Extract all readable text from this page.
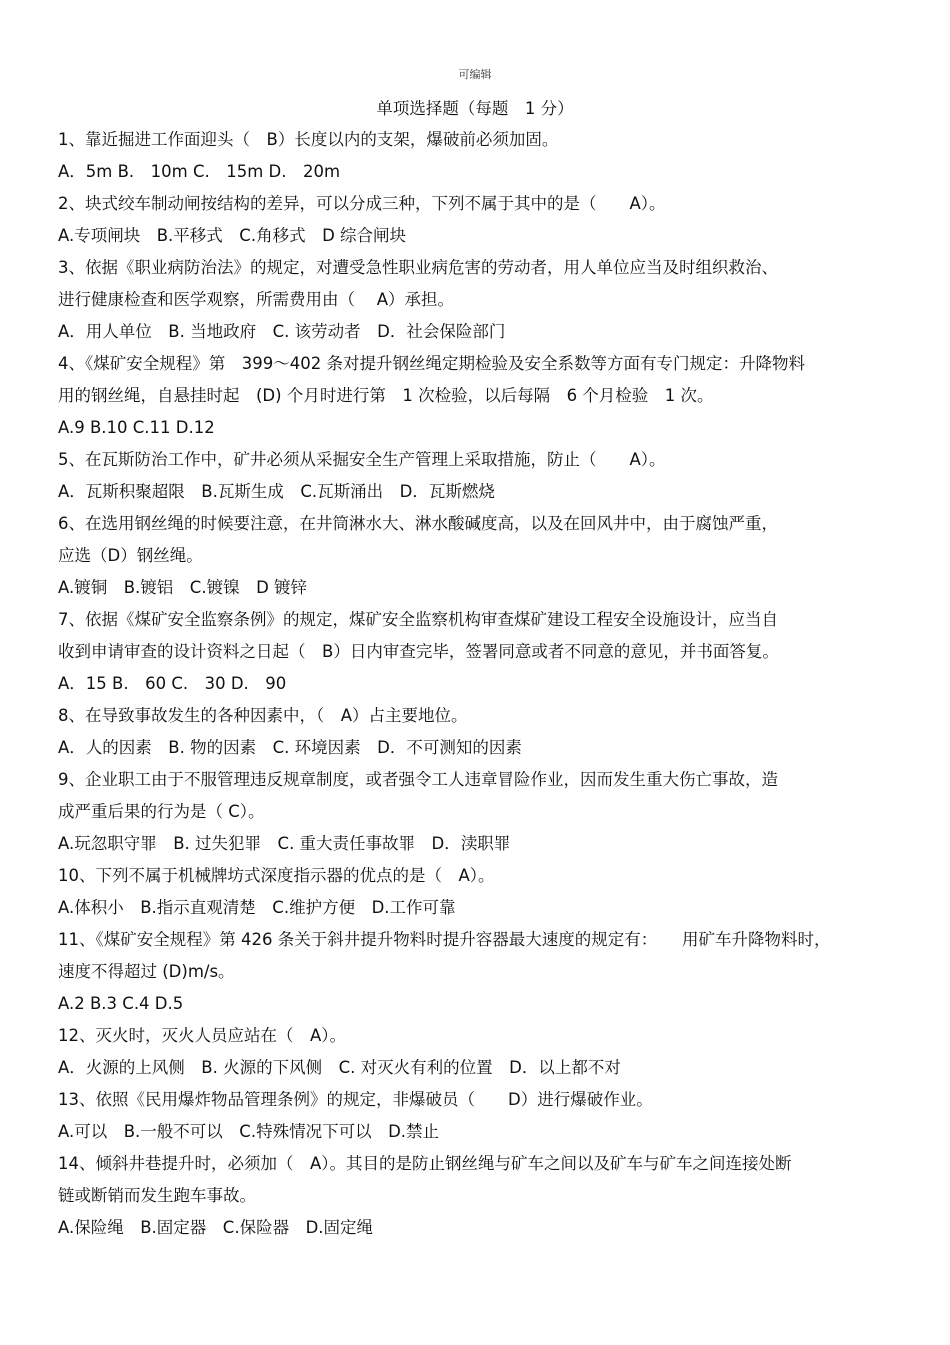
可编辑
单项选择题（每题　1 分）
1、靠近掘进工作面迎头（　B）长度以内的支架，爆破前必须加固。
A．5m B.　10m C.　15m D.　20m
2、块式绞车制动闸按结构的差异，可以分成三种，下列不属于其中的是（　　A）。
A.专项闸块　B.平移式　C.角移式　D 综合闸块
3、依据《职业病防治法》的规定，对遭受急性职业病危害的劳动者，用人单位应当及时组织救治、
进行健康检查和医学观察，所需费用由（　 A）承担。
A．用人单位　B. 当地政府　C. 该劳动者　D．社会保险部门
4、《煤矿安全规程》第　399～402 条对提升钢丝绳定期检验及安全系数等方面有专门规定：升降物料
用的钢丝绳，自悬挂时起　(D) 个月时进行第　1 次检验，以后每隔　6 个月检验　1 次。
A.9 B.10 C.11 D.12
5、在瓦斯防治工作中，矿井必须从采掘安全生产管理上采取措施，防止（　　A）。
A．瓦斯积聚超限　B.瓦斯生成　C.瓦斯涌出　D．瓦斯燃烧
6、在选用钢丝绳的时候要注意，在井筒淋水大、淋水酸碱度高，以及在回风井中，由于腐蚀严重，
应选（D）钢丝绳。
A.镀铜　B.镀铝　C.镀镍　D 镀锌
7、依据《煤矿安全监察条例》的规定，煤矿安全监察机构审查煤矿建设工程安全设施设计，应当自
收到申请审查的设计资料之日起（　B）日内审查完毕，签署同意或者不同意的意见，并书面答复。
A．15 B.　60 C.　30 D.　90
8、在导致事故发生的各种因素中，（　A）占主要地位。
A．人的因素　B. 物的因素　C. 环境因素　D．不可测知的因素
9、企业职工由于不服管理违反规章制度，或者强令工人违章冒险作业，因而发生重大伤亡事故，造
成严重后果的行为是（ C）。
A.玩忽职守罪　B. 过失犯罪　C. 重大责任事故罪　D．渎职罪
10、下列不属于机械牌坊式深度指示器的优点的是（　A）。
A.体积小　B.指示直观清楚　C.维护方便　D.工作可靠
11、《煤矿安全规程》第 426 条关于斜井提升物料时提升容器最大速度的规定有：　　用矿车升降物料时，
速度不得超过 (D)m/s。
A.2 B.3 C.4 D.5
12、灭火时，灭火人员应站在（　A）。
A．火源的上风侧　B. 火源的下风侧　C. 对灭火有利的位置　D．以上都不对
13、依照《民用爆炸物品管理条例》的规定，非爆破员（　　D）进行爆破作业。
A.可以　B.一般不可以　C.特殊情况下可以　D.禁止
14、倾斜井巷提升时，必须加（　A）。其目的是防止钢丝绳与矿车之间以及矿车与矿车之间连接处断
链或断销而发生跑车事故。
A.保险绳　B.固定器　C.保险器　D.固定绳
